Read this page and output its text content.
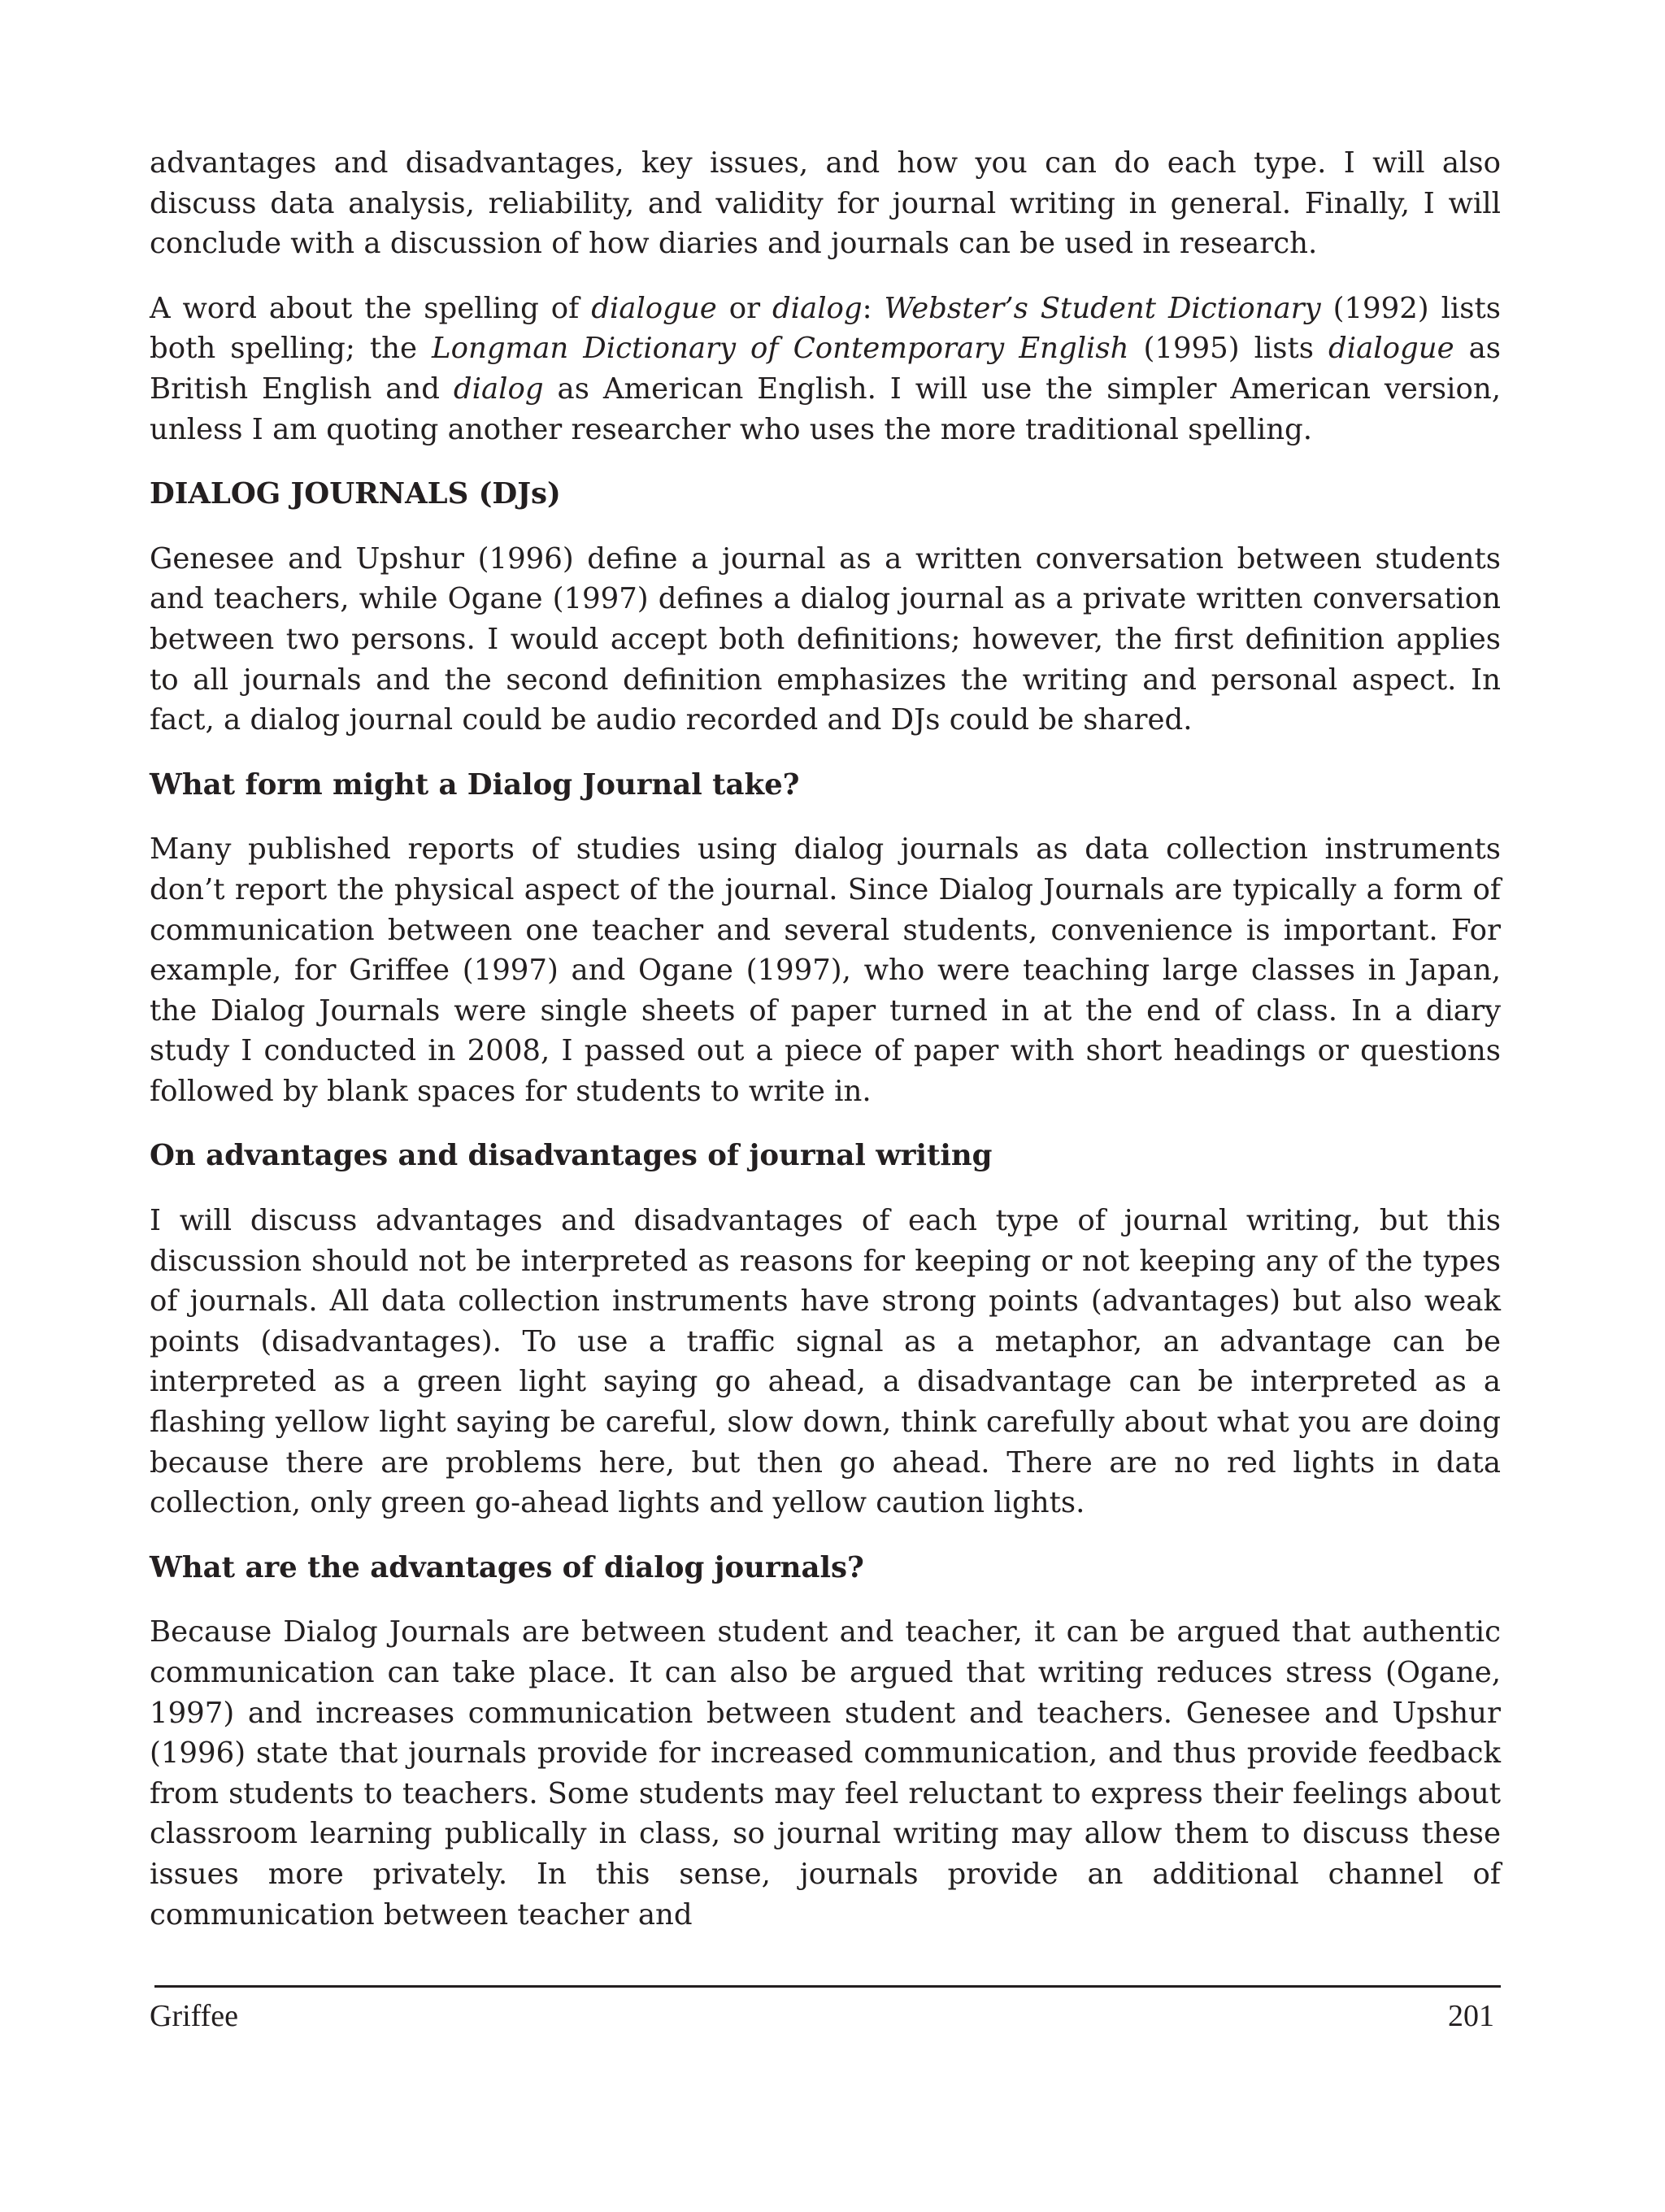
advantages and disadvantages, key issues, and how you can do each type. I will also discuss data analysis, reliability, and validity for journal writing in general. Finally, I will conclude with a discussion of how diaries and journals can be used in research.

A word about the spelling of dialogue or dialog: Webster’s Student Dictionary (1992) lists both spelling; the Longman Dictionary of Contemporary English (1995) lists dialogue as British English and dialog as American English. I will use the simpler American version, unless I am quoting another researcher who uses the more traditional spelling.

DIALOG JOURNALS (DJs)

Genesee and Upshur (1996) define a journal as a written conversation between students and teachers, while Ogane (1997) defines a dialog journal as a private written conversation between two persons. I would accept both definitions; however, the first definition applies to all journals and the second definition emphasizes the writing and personal aspect. In fact, a dialog journal could be audio recorded and DJs could be shared.

What form might a Dialog Journal take?

Many published reports of studies using dialog journals as data collection instruments don’t report the physical aspect of the journal. Since Dialog Journals are typically a form of communication between one teacher and several students, convenience is important. For example, for Griffee (1997) and Ogane (1997), who were teaching large classes in Japan, the Dialog Journals were single sheets of paper turned in at the end of class. In a diary study I conducted in 2008, I passed out a piece of paper with short headings or questions followed by blank spaces for students to write in.

On advantages and disadvantages of journal writing

I will discuss advantages and disadvantages of each type of journal writing, but this discussion should not be interpreted as reasons for keeping or not keeping any of the types of journals. All data collection instruments have strong points (advantages) but also weak points (disadvantages). To use a traffic signal as a metaphor, an advantage can be interpreted as a green light saying go ahead, a disadvantage can be interpreted as a flashing yellow light saying be careful, slow down, think carefully about what you are doing because there are problems here, but then go ahead. There are no red lights in data collection, only green go-ahead lights and yellow caution lights.

What are the advantages of dialog journals?

Because Dialog Journals are between student and teacher, it can be argued that authentic communication can take place. It can also be argued that writing reduces stress (Ogane, 1997) and increases communication between student and teachers. Genesee and Upshur (1996) state that journals provide for increased communication, and thus provide feedback from students to teachers. Some students may feel reluctant to express their feelings about classroom learning publically in class, so journal writing may allow them to discuss these issues more privately. In this sense, journals provide an additional channel of communication between teacher and

Griffee	201
